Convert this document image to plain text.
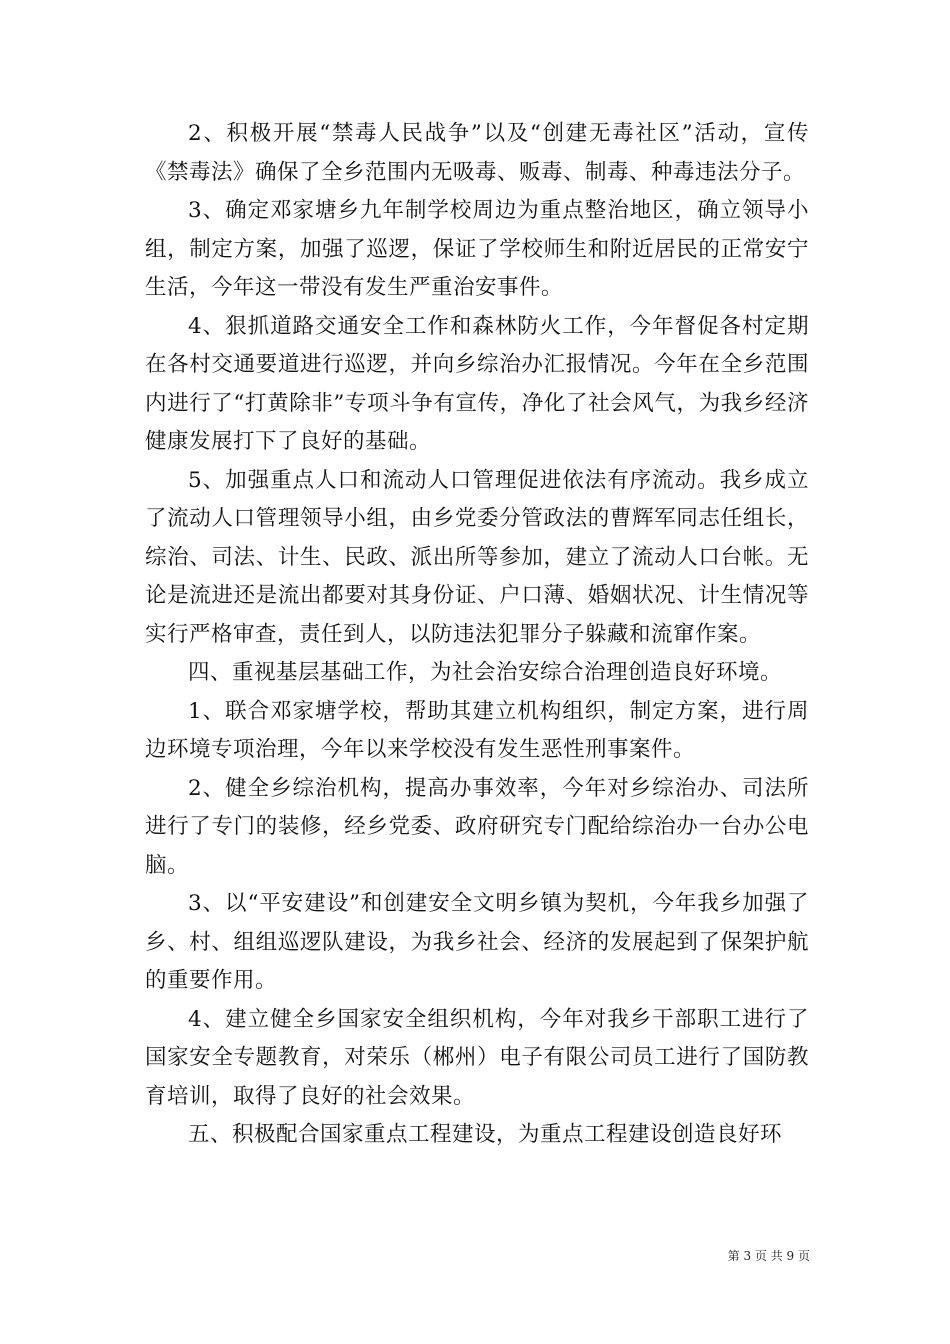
2、积极开展“禁毒人民战争”以及“创建无毒社区”活动，宣传《禁毒法》确保了全乡范围内无吸毒、贩毒、制毒、种毒违法分子。

3、确定邓家塘乡九年制学校周边为重点整治地区，确立领导小组，制定方案，加强了巡逻，保证了学校师生和附近居民的正常安宁生活，今年这一带没有发生严重治安事件。

4、狠抓道路交通安全工作和森林防火工作，今年督促各村定期在各村交通要道进行巡逻，并向乡综治办汇报情况。今年在全乡范围内进行了“打黄除非”专项斗争有宣传，净化了社会风气，为我乡经济健康发展打下了良好的基础。

5、加强重点人口和流动人口管理促进依法有序流动。我乡成立了流动人口管理领导小组，由乡党委分管政法的曹辉军同志任组长，综治、司法、计生、民政、派出所等参加，建立了流动人口台帐。无论是流进还是流出都要对其身份证、户口薄、婚姻状况、计生情况等实行严格审查，责任到人，以防违法犯罪分子躲藏和流窜作案。

四、重视基层基础工作，为社会治安综合治理创造良好环境。

1、联合邓家塘学校，帮助其建立机构组织，制定方案，进行周边环境专项治理，今年以来学校没有发生恶性刑事案件。

2、健全乡综治机构，提高办事效率，今年对乡综治办、司法所进行了专门的装修，经乡党委、政府研究专门配给综治办一台办公电脑。

3、以“平安建设”和创建安全文明乡镇为契机，今年我乡加强了乡、村、组组巡逻队建设，为我乡社会、经济的发展起到了保架护航的重要作用。

4、建立健全乡国家安全组织机构，今年对我乡干部职工进行了国家安全专题教育，对荣乐（郴州）电子有限公司员工进行了国防教育培训，取得了良好的社会效果。

五、积极配合国家重点工程建设，为重点工程建设创造良好环

第 3 页 共 9 页
